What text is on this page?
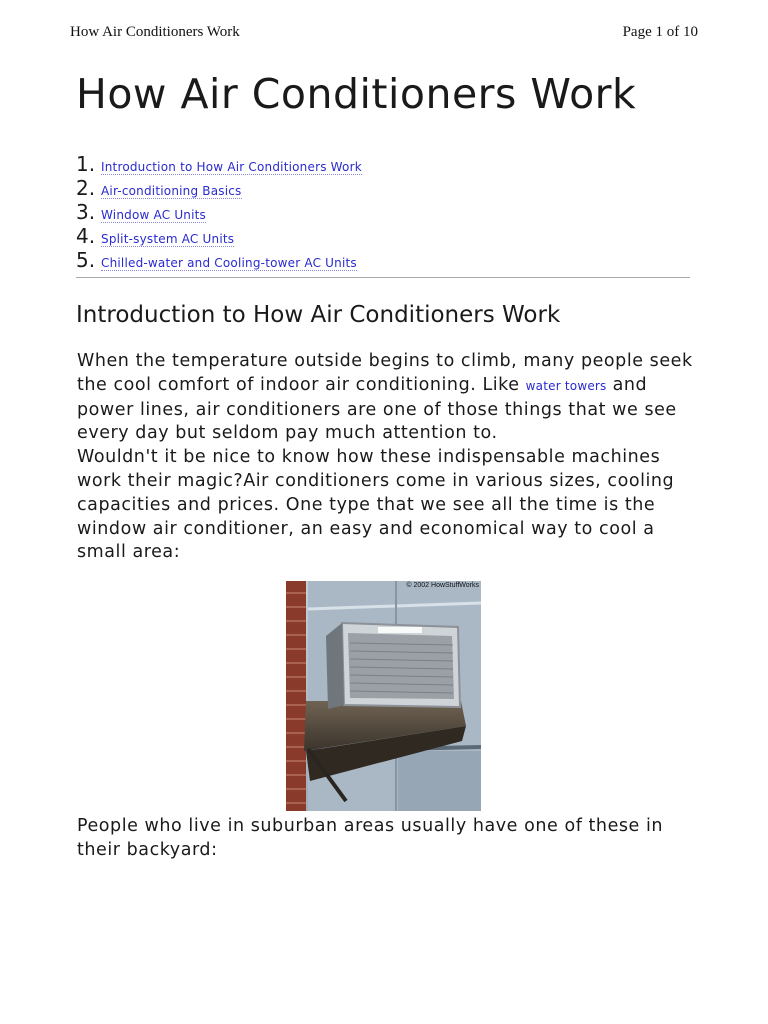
How Air Conditioners Work	Page 1 of 10
How Air Conditioners Work
1. Introduction to How Air Conditioners Work
2. Air-conditioning Basics
3. Window AC Units
4. Split-system AC Units
5. Chilled-water and Cooling-tower AC Units
Introduction to How Air Conditioners Work

When the temperature outside begins to climb, many people seek the cool comfort of indoor air conditioning. Like water towers and power lines, air conditioners are one of those things that we see every day but seldom pay much attention to.
Wouldn't it be nice to know how these indispensable machines work their magic?Air conditioners come in various sizes, cooling capacities and prices. One type that we see all the time is the window air conditioner, an easy and economical way to cool a small area:

© 2002 HowStuffWorks

People who live in suburban areas usually have one of these in their backyard:
